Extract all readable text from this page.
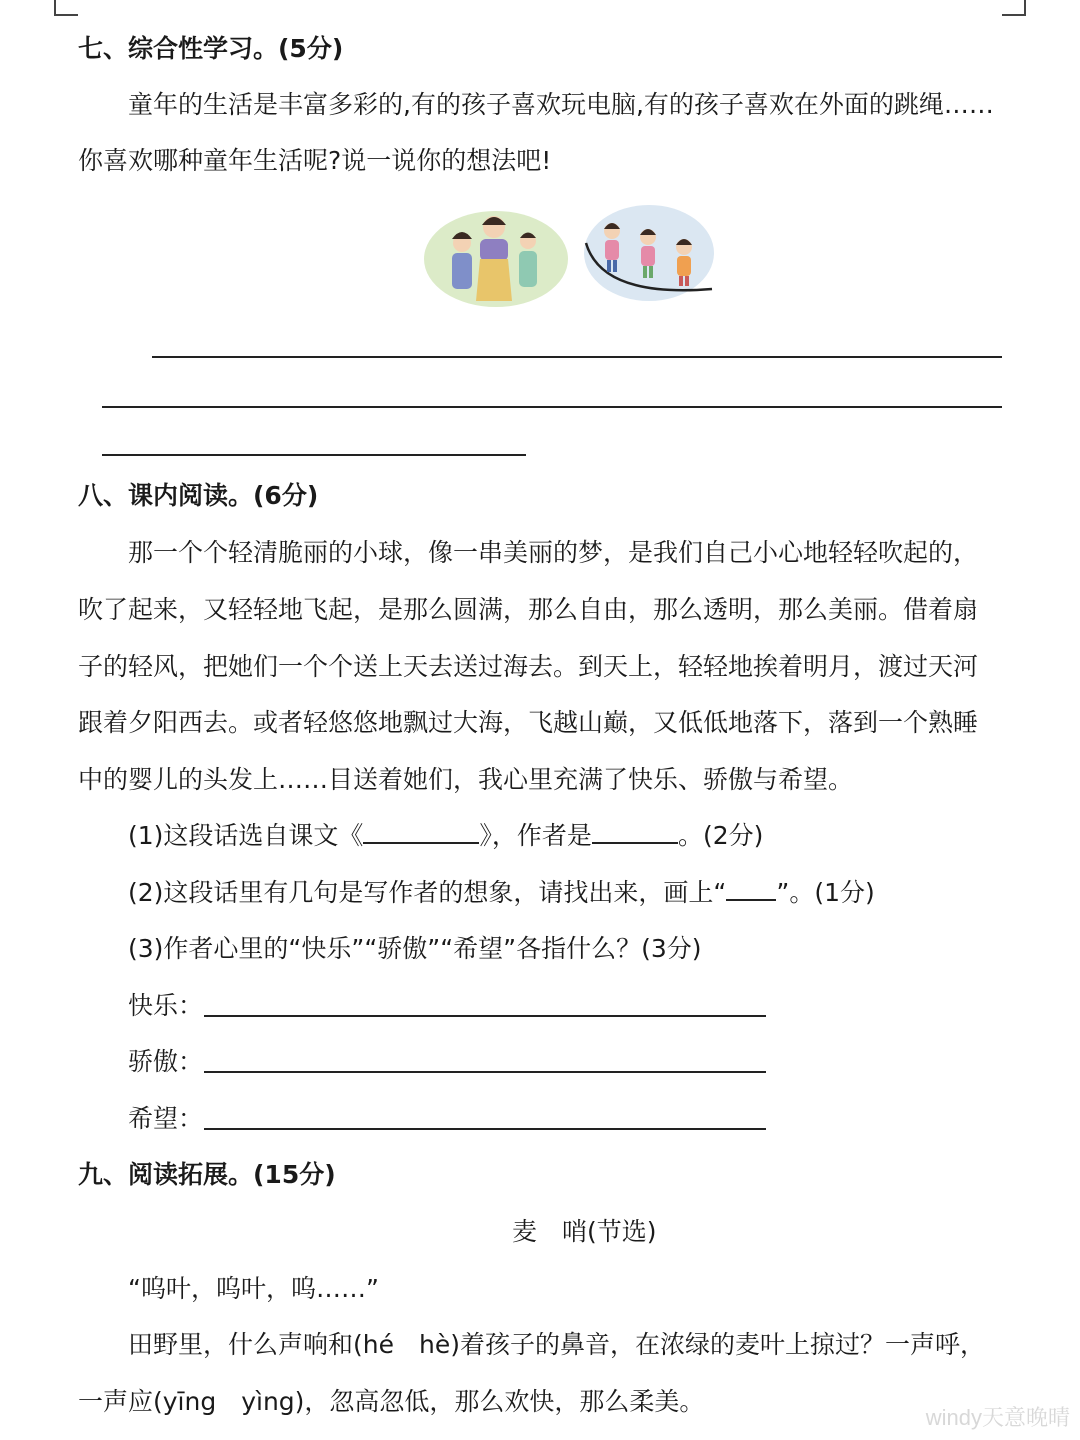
七、综合性学习。(5分)
童年的生活是丰富多彩的,有的孩子喜欢玩电脑,有的孩子喜欢在外面的跳绳……
你喜欢哪种童年生活呢?说一说你的想法吧!
八、课内阅读。(6分)
那一个个轻清脆丽的小球，像一串美丽的梦，是我们自己小心地轻轻吹起的，
吹了起来，又轻轻地飞起，是那么圆满，那么自由，那么透明，那么美丽。借着扇
子的轻风，把她们一个个送上天去送过海去。到天上，轻轻地挨着明月，渡过天河
跟着夕阳西去。或者轻悠悠地飘过大海，飞越山巅，又低低地落下，落到一个熟睡
中的婴儿的头发上……目送着她们，我心里充满了快乐、骄傲与希望。
(1)这段话选自课文《	》，作者是	。(2分)
(2)这段话里有几句是写作者的想象，请找出来，画上“ ”。(1分)
(3)作者心里的“快乐”“骄傲”“希望”各指什么？(3分)
快乐：
骄傲：
希望：
九、阅读拓展。(15分)
麦　哨(节选)
“呜叶，呜叶，呜……”
田野里，什么声响和(hé　hè)着孩子的鼻音，在浓绿的麦叶上掠过？一声呼，
一声应(yīng　yìng)，忽高忽低，那么欢快，那么柔美。
windy天意晚晴
